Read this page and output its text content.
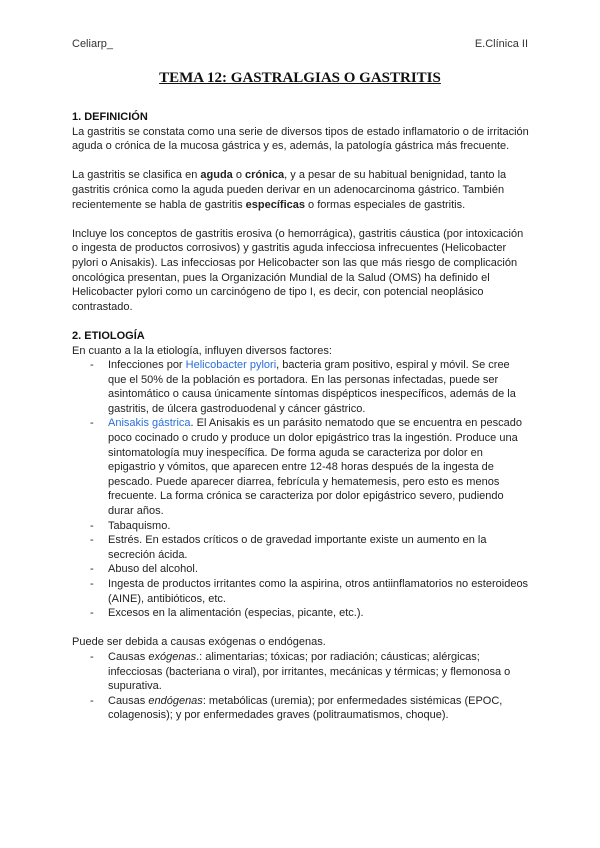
Celiarp_	E.Clínica II
TEMA 12: GASTRALGIAS O GASTRITIS
1. DEFINICIÓN

La gastritis se constata como una serie de diversos tipos de estado inflamatorio o de irritación aguda o crónica de la mucosa gástrica y es, además, la patología gástrica más frecuente.

La gastritis se clasifica en aguda o crónica, y a pesar de su habitual benignidad, tanto la gastritis crónica como la aguda pueden derivar en un adenocarcinoma gástrico. También recientemente se habla de gastritis específicas o formas especiales de gastritis.

Incluye los conceptos de gastritis erosiva (o hemorrágica), gastritis cáustica (por intoxicación o ingesta de productos corrosivos) y gastritis aguda infecciosa infrecuentes (Helicobacter pylori o Anisakis). Las infecciosas por Helicobacter son las que más riesgo de complicación oncológica presentan, pues la Organización Mundial de la Salud (OMS) ha definido el Helicobacter pylori como un carcinógeno de tipo I, es decir, con potencial neoplásico contrastado.

2. ETIOLOGÍA

En cuanto a la la etiología, influyen diversos factores:

- Infecciones por Helicobacter pylori, bacteria gram positivo, espiral y móvil. Se cree que el 50% de la población es portadora. En las personas infectadas, puede ser asintomático o causa únicamente síntomas dispépticos inespecíficos, además de la gastritis, de úlcera gastroduodenal y cáncer gástrico.
- Anisakis gástrica. El Anisakis es un parásito nematodo que se encuentra en pescado poco cocinado o crudo y produce un dolor epigástrico tras la ingestión. Produce una sintomatología muy inespecífica. De forma aguda se caracteriza por dolor en epigastrio y vómitos, que aparecen entre 12-48 horas después de la ingesta de pescado. Puede aparecer diarrea, febrícula y hematemesis, pero esto es menos frecuente. La forma crónica se caracteriza por dolor epigástrico severo, pudiendo durar años.
- Tabaquismo.
- Estrés. En estados críticos o de gravedad importante existe un aumento en la secreción ácida.
- Abuso del alcohol.
- Ingesta de productos irritantes como la aspirina, otros antiinflamatorios no esteroideos (AINE), antibióticos, etc.
- Excesos en la alimentación (especias, picante, etc.).

Puede ser debida a causas exógenas o endógenas.

- Causas exógenas.: alimentarias; tóxicas; por radiación; cáusticas; alérgicas; infecciosas (bacteriana o viral), por irritantes, mecánicas y térmicas; y flemonosa o supurativa.
- Causas endógenas: metabólicas (uremia); por enfermedades sistémicas (EPOC, colagenosis); y por enfermedades graves (politraumatismos, choque).
